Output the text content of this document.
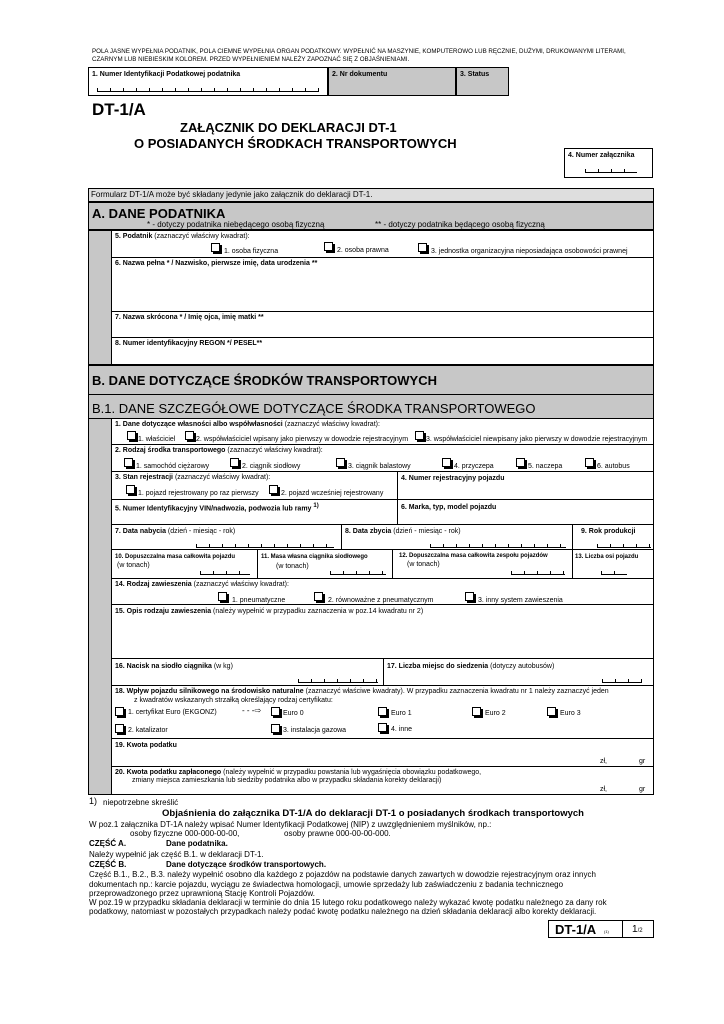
POLA JASNE WYPEŁNIA PODATNIK, POLA CIEMNE WYPEŁNIA ORGAN PODATKOWY. WYPEŁNIĆ NA MASZYNIE, KOMPUTEROWO LUB RĘCZNIE, DUŻYMI, DRUKOWANYMI LITERAMI,
CZARNYM LUB NIEBIESKIM KOLOREM. PRZED WYPEŁNIENIEM NALEŻY ZAPOZNAĆ SIĘ Z OBJAŚNIENIAMI.
1. Numer Identyfikacji Podatkowej podatnika	2. Nr dokumentu	3. Status
DT-1/A
ZAŁĄCZNIK DO DEKLARACJI DT-1
O POSIADANYCH ŚRODKACH TRANSPORTOWYCH
4. Numer załącznika
Formularz DT-1/A może być składany jedynie jako załącznik do deklaracji DT-1.
A. DANE PODATNIKA
* - dotyczy podatnika niebędącego osobą fizyczną	** - dotyczy podatnika będącego osobą fizyczną
5. Podatnik (zaznaczyć właściwy kwadrat):
1. osoba fizyczna	2. osoba prawna	3. jednostka organizacyjna nieposiadająca osobowości prawnej
6. Nazwa pełna * / Nazwisko, pierwsze imię, data urodzenia **
7. Nazwa skrócona * / Imię ojca, imię matki **
8. Numer identyfikacyjny REGON */ PESEL**
B. DANE DOTYCZĄCE ŚRODKÓW TRANSPORTOWYCH
B.1. DANE SZCZEGÓŁOWE DOTYCZĄCE ŚRODKA TRANSPORTOWEGO
1. Dane dotyczące własności albo współwłasności (zaznaczyć właściwy kwadrat):
1. właściciel	2. współwłaściciel wpisany jako pierwszy w dowodzie rejestracyjnym	3. współwłaściciel niewpisany jako pierwszy w dowodzie rejestracyjnym
2. Rodzaj środka transportowego (zaznaczyć właściwy kwadrat):
1. samochód ciężarowy	2. ciągnik siodłowy	3. ciągnik balastowy	4. przyczepa	5. naczepa	6. autobus
3. Stan rejestracji (zaznaczyć właściwy kwadrat):
1. pojazd rejestrowany po raz pierwszy	2. pojazd wcześniej rejestrowany
4. Numer rejestracyjny pojazdu
5. Numer Identyfikacyjny VIN/nadwozia, podwozia lub ramy $^{1)}$	6. Marka, typ, model pojazdu
7. Data nabycia (dzień - miesiąc - rok)	8. Data zbycia (dzień - miesiąc - rok)	9. Rok produkcji
10. Dopuszczalna masa całkowita pojazdu
(w tonach)
11. Masa własna ciągnika siodłowego
(w tonach)
12. Dopuszczalna masa całkowita zespołu pojazdów
(w tonach)
13. Liczba osi pojazdu
14. Rodzaj zawieszenia (zaznaczyć właściwy kwadrat):
1. pneumatyczne	2. równoważne z pneumatycznym	3. inny system zawieszenia
15. Opis rodzaju zawieszenia (należy wypełnić w przypadku zaznaczenia w poz.14 kwadratu nr 2)
16. Nacisk na siodło ciągnika (w kg)	17. Liczba miejsc do siedzenia (dotyczy autobusów)
18. Wpływ pojazdu silnikowego na środowisko naturalne (zaznaczyć właściwe kwadraty). W przypadku zaznaczenia kwadratu nr 1 należy zaznaczyć jeden
z kwadratów wskazanych strzałką określający rodzaj certyfikatu:
1. certyfikat Euro (EKGONZ)	- - -⇨	Euro 0	Euro 1	Euro 2	Euro 3
2. katalizator	3. instalacja gazowa	4. inne
19. Kwota podatku
zł,	gr
20. Kwota podatku zapłaconego (należy wypełnić w przypadku powstania lub wygaśnięcia obowiązku podatkowego,
zmiany miejsca zamieszkania lub siedziby podatnika albo w przypadku składania korekty deklaracji)
zł,	gr
1) niepotrzebne skreślić
Objaśnienia do załącznika DT-1/A do deklaracji DT-1 o posiadanych środkach transportowych
W poz.1 załącznika DT-1A należy wpisać Numer Identyfikacji Podatkowej (NIP) z uwzględnieniem myślników, np.:
osoby fizyczne 000-000-00-00,	osoby prawne 000-00-00-000.
CZĘŚĆ A.	Dane podatnika.
Należy wypełnić jak część B.1. w deklaracji DT-1.
CZĘŚĆ B.	Dane dotyczące środków transportowych.
Część B.1., B.2., B.3. należy wypełnić osobno dla każdego z pojazdów na podstawie danych zawartych w dowodzie rejestracyjnym oraz innych
dokumentach np.: karcie pojazdu, wyciągu ze świadectwa homologacji, umowie sprzedaży lub zaświadczeniu z badania technicznego
przeprowadzonego przez uprawnioną Stację Kontroli Pojazdów.
W poz.19 w przypadku składania deklaracji w terminie do dnia 15 lutego roku podatkowego należy wykazać kwotę podatku należnego za dany rok
podatkowy, natomiast w pozostałych przypadkach należy podać kwotę podatku należnego na dzień składania deklaracji albo korekty deklaracji.
DT-1/A (1) 1/2
